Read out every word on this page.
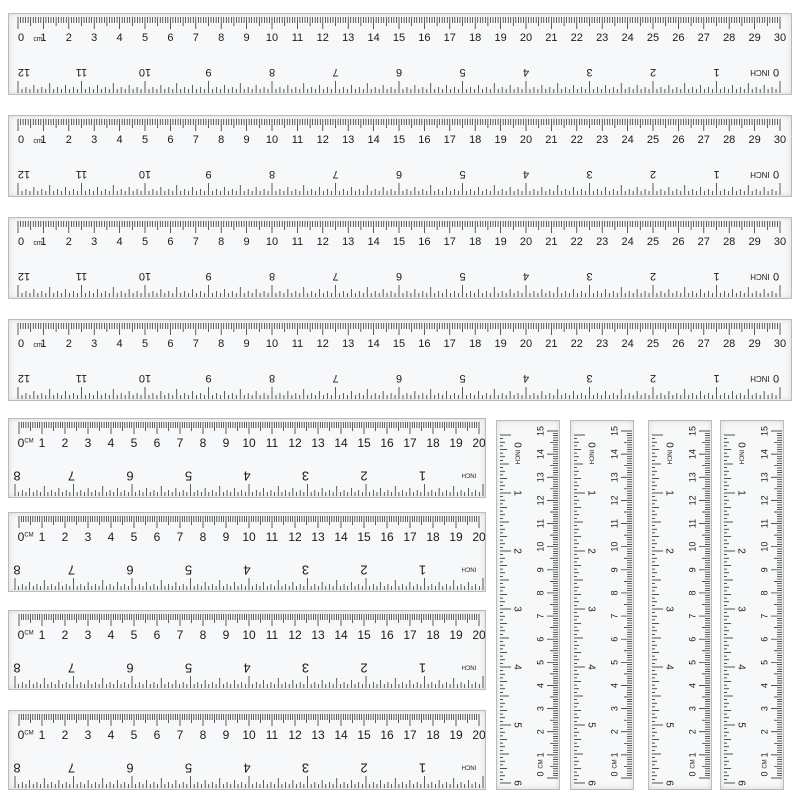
0 1 2 3 4 5 6 7 8 9 10 11 12 13 14 15 16 17 18 19 20 21 22 23 24 25 26 27 28 29 30
cm
0
1
2
3
4
5
6
7
8
9
10
11
12	INCH
0 1 2 3 4 5 6 7 8 9 10 11 12 13 14 15 16 17 18 19 20 21 22 23 24 25 26 27 28 29 30
cm
0
1
2
3
4
5
6
7
8
9
10
11
12	INCH
0 1 2 3 4 5 6 7 8 9 10 11 12 13 14 15 16 17 18 19 20 21 22 23 24 25 26 27 28 29 30
cm
0
1
2
3
4
5
6
7
8
9
10
11
12	INCH
0 1 2 3 4 5 6 7 8 9 10 11 12 13 14 15 16 17 18 19 20 21 22 23 24 25 26 27 28 29 30
cm
0
1
2
3
4
5
6
7
8
9
10
11
12	INCH
0 1 2 3 4 5 6 7 8 9 10 11 12 13 14 15 16 17 18 19 20
CM
1
2
3
4
5
6
7
8	INCH
0 1 2 3 4 5 6 7 8 9 10 11 12 13 14 15 16 17 18 19 20
CM
1
2
3
4
5
6
7
8	INCH
0 1 2 3 4 5 6 7 8 9 10 11 12 13 14 15 16 17 18 19 20
CM
1
2
3
4
5
6
7
8	INCH
0 1 2 3 4 5 6 7 8 9 10 11 12 13 14 15 16 17 18 19 20
CM
1
2
3
4
5
6
7
8	INCH
0
1
2
3
4
5
6
7
8
9
10
11
12
13
14
15
CM
0
1
2
3
4
5
6
INCH
0
1
2
3
4
5
6
7
8
9
10
11
12
13
14
15
CM
0
1
2
3
4
5
6
INCH
0
1
2
3
4
5
6
7
8
9
10
11
12
13
14
15
CM
0
1
2
3
4
5
6
INCH
0
1
2
3
4
5
6
7
8
9
10
11
12
13
14
15
CM
0
1
2
3
4
5
6
INCH
